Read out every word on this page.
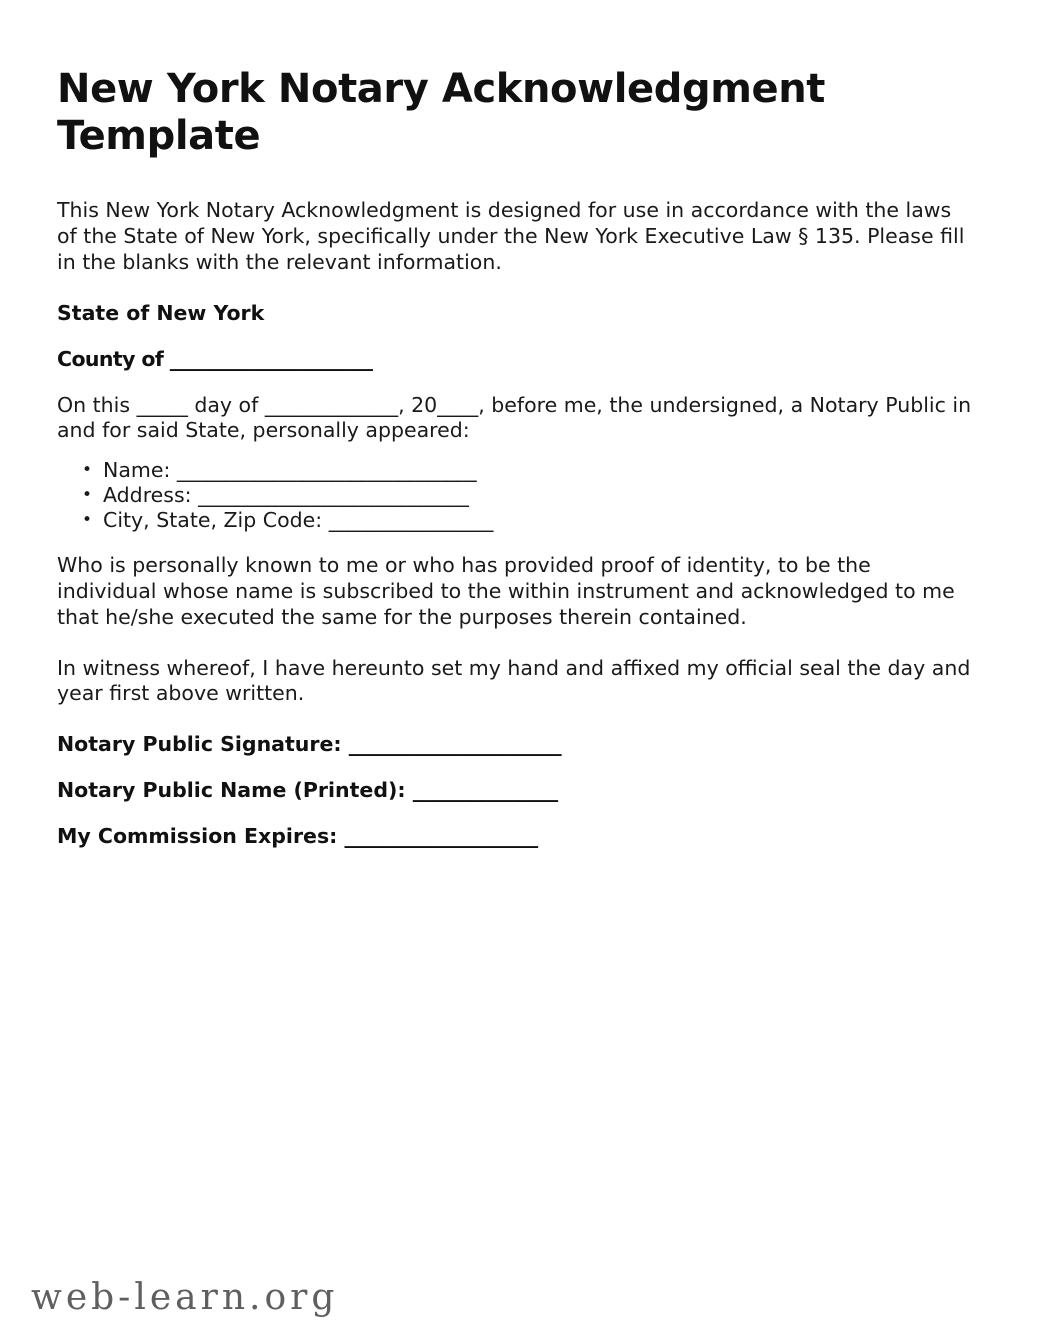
New York Notary Acknowledgment Template

This New York Notary Acknowledgment is designed for use in accordance with the laws of the State of New York, specifically under the New York Executive Law § 135. Please fill in the blanks with the relevant information.

State of New York

County of _____________________

On this _____ day of _____________, 20____, before me, the undersigned, a Notary Public in and for said State, personally appeared:

• Name: _______________________________
• Address: ____________________________
• City, State, Zip Code: _________________

Who is personally known to me or who has provided proof of identity, to be the individual whose name is subscribed to the within instrument and acknowledged to me that he/she executed the same for the purposes therein contained.

In witness whereof, I have hereunto set my hand and affixed my official seal the day and year first above written.

Notary Public Signature: ______________________

Notary Public Name (Printed): _______________

My Commission Expires: ____________________

web-learn.org
